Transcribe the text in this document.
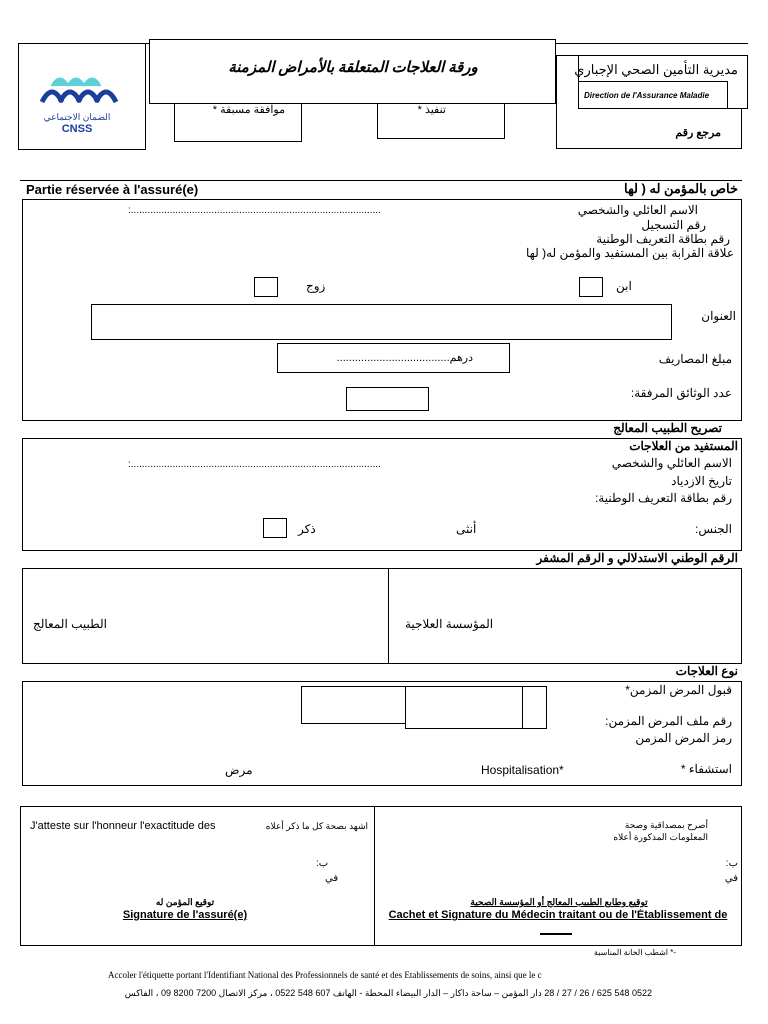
الضمان الاجتماعي
CNSS
موافقة مسبقة *	تنفيذ *
مرجع رقم
مديرية التأمين الصحي الإجباري
Direction de l'Assurance Maladie
ورقة العلاجات المتعلقة بالأمراض المزمنة
Partie réservée à l'assuré(e)	خاص بالمؤمن له ( لها
الاسم العائلي والشخصي
:..........................................................................................
رقم التسجيل
رقم بطاقة التعريف الوطنية
علاقة القرابة بين المستفيد والمؤمن له( لها
ابن
زوج
العنوان
مبلغ المصاريف
درهم.....................................
عدد الوثائق المرفقة:
تصريح الطبيب المعالج
المستفيد من العلاجات
الاسم العائلي والشخصي
:..........................................................................................
تاريخ الازدياد
رقم بطاقة التعريف الوطنية:
الجنس:
أنثى
ذكر
الرقم الوطني الاستدلالي و الرقم المشفر
المؤسسة العلاجية
الطبيب المعالج
نوع العلاجات
قبول المرض المزمن*
رقم ملف المرض المزمن:
رمز المرض المزمن
استشفاء *
Hospitalisation*
مرض
J'atteste sur l'honneur l'exactitude des	اشهد بصحة كل ما ذكر أعلاه
ب:
في
توقيع المؤمن له
Signature de l'assuré(e)
أصرح بمصداقية وصحة
المعلومات المذكورة أعلاه
ب:
في
توقيع وطابع الطبيب المعالج أو المؤسسة الصحية
Cachet et Signature du Médecin traitant ou de l'Établissement de
-* اشطب الخانة المناسبة
Accoler l'étiquette portant l'Identifiant National des Professionnels de santé et des Etablissements de soins, ainsi que le c
0522 548 625 / 26 / 27 / 28 دار المؤمن – ساحة داكار – الدار البيضاء المحطة - الهاتف 607 548 0522 ، مركز الاتصال 7200 8200 09 ، الفاكس
